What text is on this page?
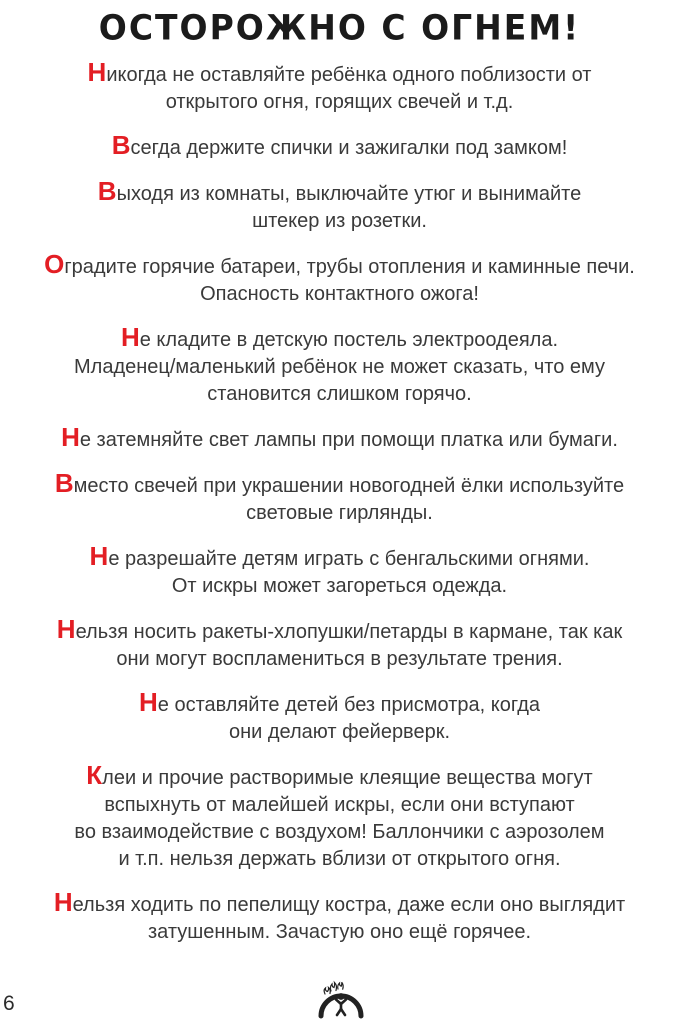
ОСТОРОЖНО С ОГНЕМ!

Никогда не оставляйте ребёнка одного поблизости от
открытого огня, горящих свечей и т.д.

Всегда держите спички и зажигалки под замком!

Выходя из комнаты, выключайте утюг и вынимайте
штекер из розетки.

Оградите горячие батареи, трубы отопления и каминные печи.
Опасность контактного ожога!

Не кладите в детскую постель электроодеяла.
Младенец/маленький ребёнок не может сказать, что ему
становится слишком горячо.

Не затемняйте свет лампы при помощи платка или бумаги.

Вместо свечей при украшении новогодней ёлки используйте
световые гирлянды.

Не разрешайте детям играть с бенгальскими огнями.
От искры может загореться одежда.

Нельзя носить ракеты-хлопушки/петарды в кармане, так как
они могут воспламениться в результате трения.

Не оставляйте детей без присмотра, когда
они делают фейерверк.

Клеи и прочие растворимые клеящие вещества могут
вспыхнуть от малейшей искры, если они вступают
во взаимодействие с воздухом! Баллончики с аэрозолем
и т.п. нельзя держать вблизи от открытого огня.

Нельзя ходить по пепелищу костра, даже если оно выглядит
затушенным. Зачастую оно ещё горячее.

6
